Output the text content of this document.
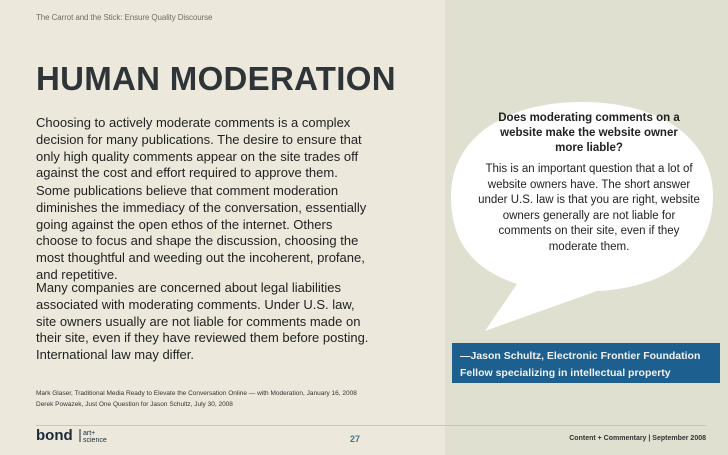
The Carrot and the Stick: Ensure Quality Discourse
HUMAN MODERATION

Choosing to actively moderate comments is a complex decision for many publications. The desire to ensure that only high quality comments appear on the site trades off against the cost and effort required to approve them.

Some publications believe that comment moderation diminishes the immediacy of the conversation, essentially going against the open ethos of the internet. Others choose to focus and shape the discussion, choosing the most thoughtful and weeding out the incoherent, profane, and repetitive.

Many companies are concerned about legal liabilities associated with moderating comments. Under U.S. law, site owners usually are not liable for comments made on their site, even if they have reviewed them before posting. International law may differ.

Mark Glaser, Traditional Media Ready to Elevate the Conversation Online — with Moderation, January 16, 2008
Derek Powazek, Just One Question for Jason Schultz, July 30, 2008
Does moderating comments on a website make the website owner more liable?
This is an important question that a lot of website owners have. The short answer under U.S. law is that you are right, website owners generally are not liable for comments on their site, even if they moderate them.
—Jason Schultz, Electronic Frontier Foundation
Fellow specializing in intellectual property
bond art+
science	27	Content + Commentary | September 2008
